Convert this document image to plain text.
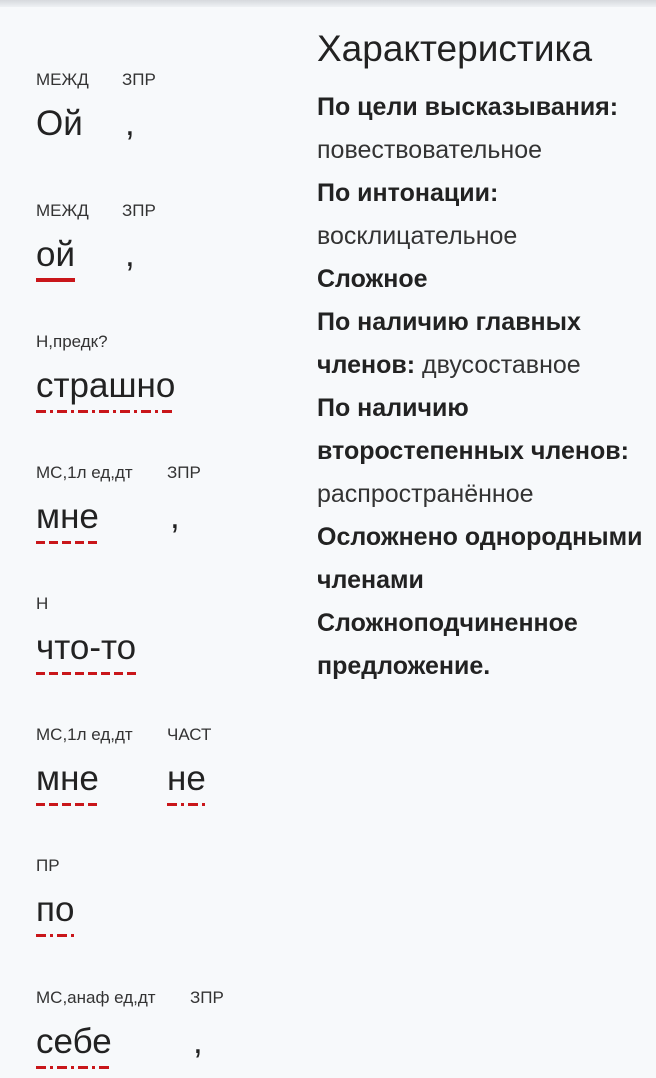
МЕЖД
Ой
ЗПР
,
МЕЖД
ой
ЗПР
,
Н,предк?
страшно
МС,1л ед,дт
мне
ЗПР
,
Н
что-то
МС,1л ед,дт
мне
ЧАСТ
не
ПР
по
МС,анаф ед,дт
себе
ЗПР
,
Характеристика
По цели высказывания: повествовательное
По интонации: восклицательное
Сложное
По наличию главных членов: двусоставное
По наличию второстепенных членов: распространённое
Осложнено однородными членами
Сложноподчиненное предложение.
